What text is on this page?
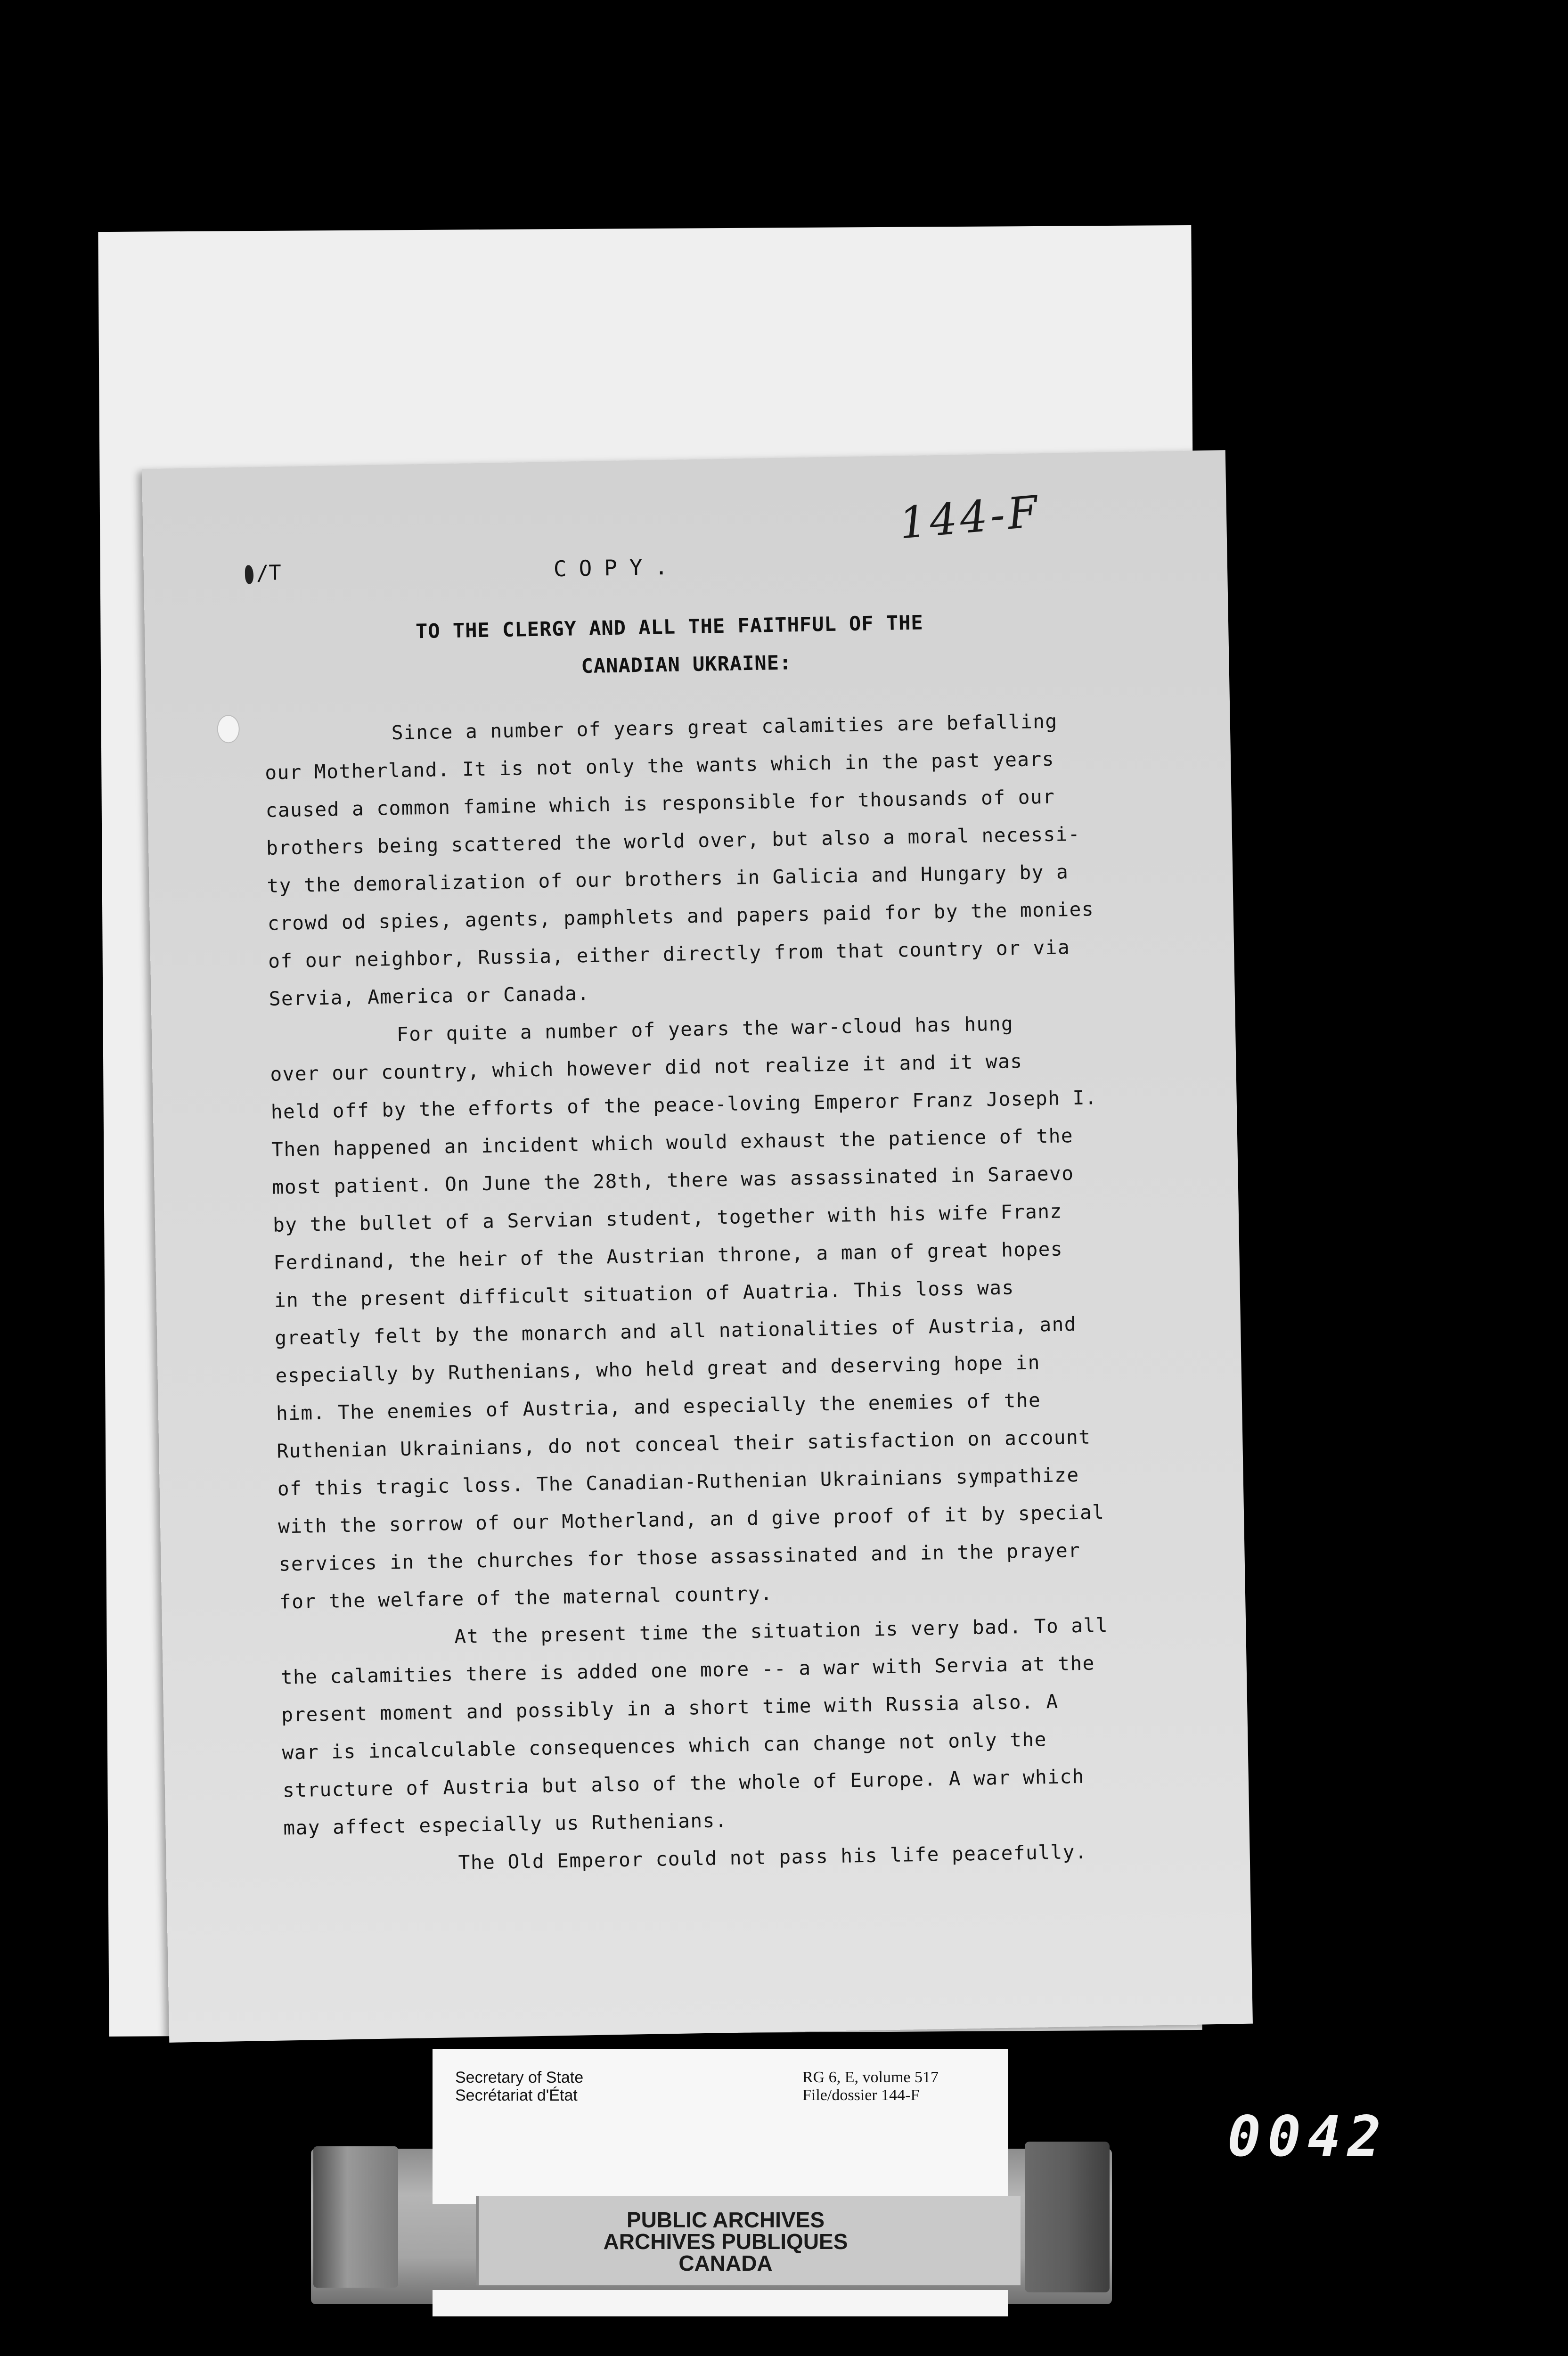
144-F
/T	COPY.
TO THE CLERGY AND ALL THE FAITHFUL OF THE
CANADIAN UKRAINE:
Since a number of years great calamities are befalling
our Motherland. It is not only the wants which in the past years
caused a common famine which is responsible for thousands of our
brothers being scattered the world over, but also a moral necessi-
ty the demoralization of our brothers in Galicia and Hungary by a
crowd od spies, agents, pamphlets and papers paid for by the monies
of our neighbor, Russia, either directly from that country or via
Servia, America or Canada.
For quite a number of years the war-cloud has hung
over our country, which however did not realize it and it was
held off by the efforts of the peace-loving Emperor Franz Joseph I.
Then happened an incident which would exhaust the patience of the
most patient. On June the 28th, there was assassinated in Saraevo
by the bullet of a Servian student, together with his wife Franz
Ferdinand, the heir of the Austrian throne, a man of great hopes
in the present difficult situation of Auatria. This loss was
greatly felt by the monarch and all nationalities of Austria, and
especially by Ruthenians, who held great and deserving hope in
him. The enemies of Austria, and especially the enemies of the
Ruthenian Ukrainians, do not conceal their satisfaction on account
of this tragic loss. The Canadian-Ruthenian Ukrainians sympathize
with the sorrow of our Motherland, an d give proof of it by special
services in the churches for those assassinated and in the prayer
for the welfare of the maternal country.
At the present time the situation is very bad. To all
the calamities there is added one more -- a war with Servia at the
present moment and possibly in a short time with Russia also. A
war is incalculable consequences which can change not only the
structure of Austria but also of the whole of Europe. A war which
may affect especially us Ruthenians.
The Old Emperor could not pass his life peacefully.
Secretary of State
Secrétariat d'État
RG 6, E, volume 517
File/dossier 144-F
PUBLIC ARCHIVES
ARCHIVES PUBLIQUES
CANADA
0042
